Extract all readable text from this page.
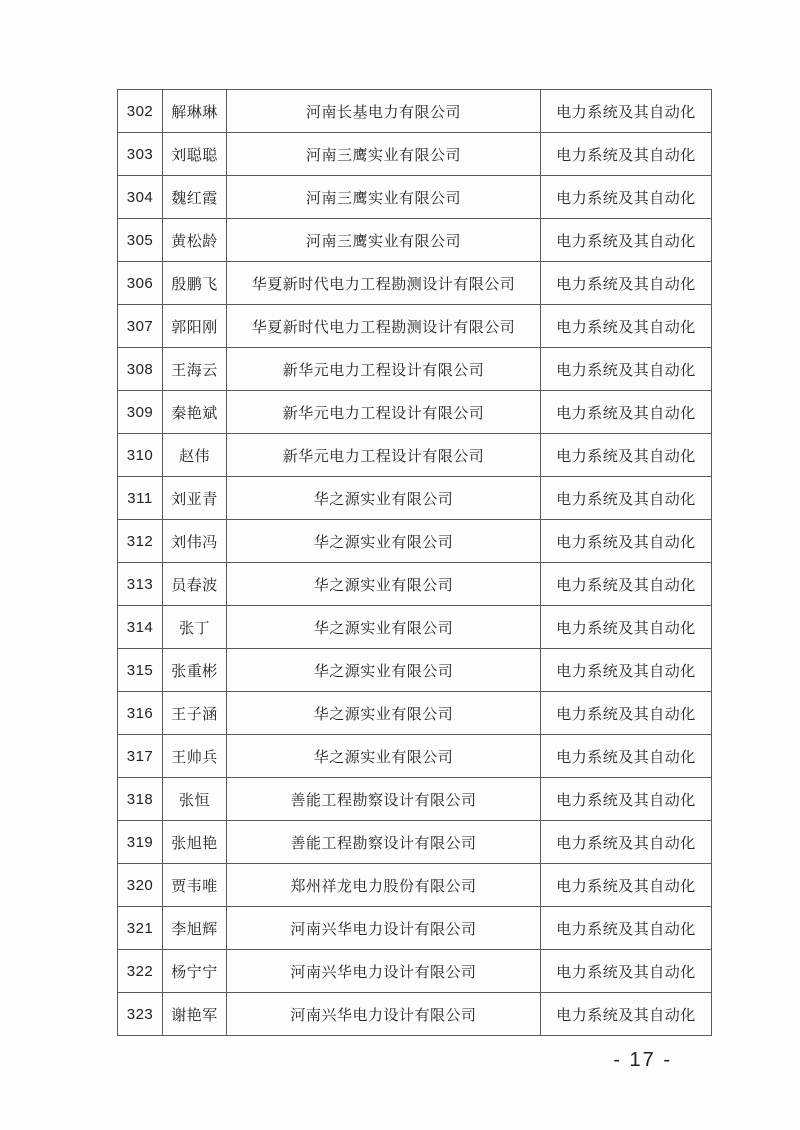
302	解琳琳	河南长基电力有限公司	电力系统及其自动化
303	刘聪聪	河南三鹰实业有限公司	电力系统及其自动化
304	魏红霞	河南三鹰实业有限公司	电力系统及其自动化
305	黄松龄	河南三鹰实业有限公司	电力系统及其自动化
306	殷鹏飞	华夏新时代电力工程勘测设计有限公司	电力系统及其自动化
307	郭阳刚	华夏新时代电力工程勘测设计有限公司	电力系统及其自动化
308	王海云	新华元电力工程设计有限公司	电力系统及其自动化
309	秦艳斌	新华元电力工程设计有限公司	电力系统及其自动化
310	赵伟	新华元电力工程设计有限公司	电力系统及其自动化
311	刘亚青	华之源实业有限公司	电力系统及其自动化
312	刘伟冯	华之源实业有限公司	电力系统及其自动化
313	员春波	华之源实业有限公司	电力系统及其自动化
314	张丁	华之源实业有限公司	电力系统及其自动化
315	张重彬	华之源实业有限公司	电力系统及其自动化
316	王子涵	华之源实业有限公司	电力系统及其自动化
317	王帅兵	华之源实业有限公司	电力系统及其自动化
318	张恒	善能工程勘察设计有限公司	电力系统及其自动化
319	张旭艳	善能工程勘察设计有限公司	电力系统及其自动化
320	贾韦唯	郑州祥龙电力股份有限公司	电力系统及其自动化
321	李旭辉	河南兴华电力设计有限公司	电力系统及其自动化
322	杨宁宁	河南兴华电力设计有限公司	电力系统及其自动化
323	谢艳军	河南兴华电力设计有限公司	电力系统及其自动化
- 17 -
